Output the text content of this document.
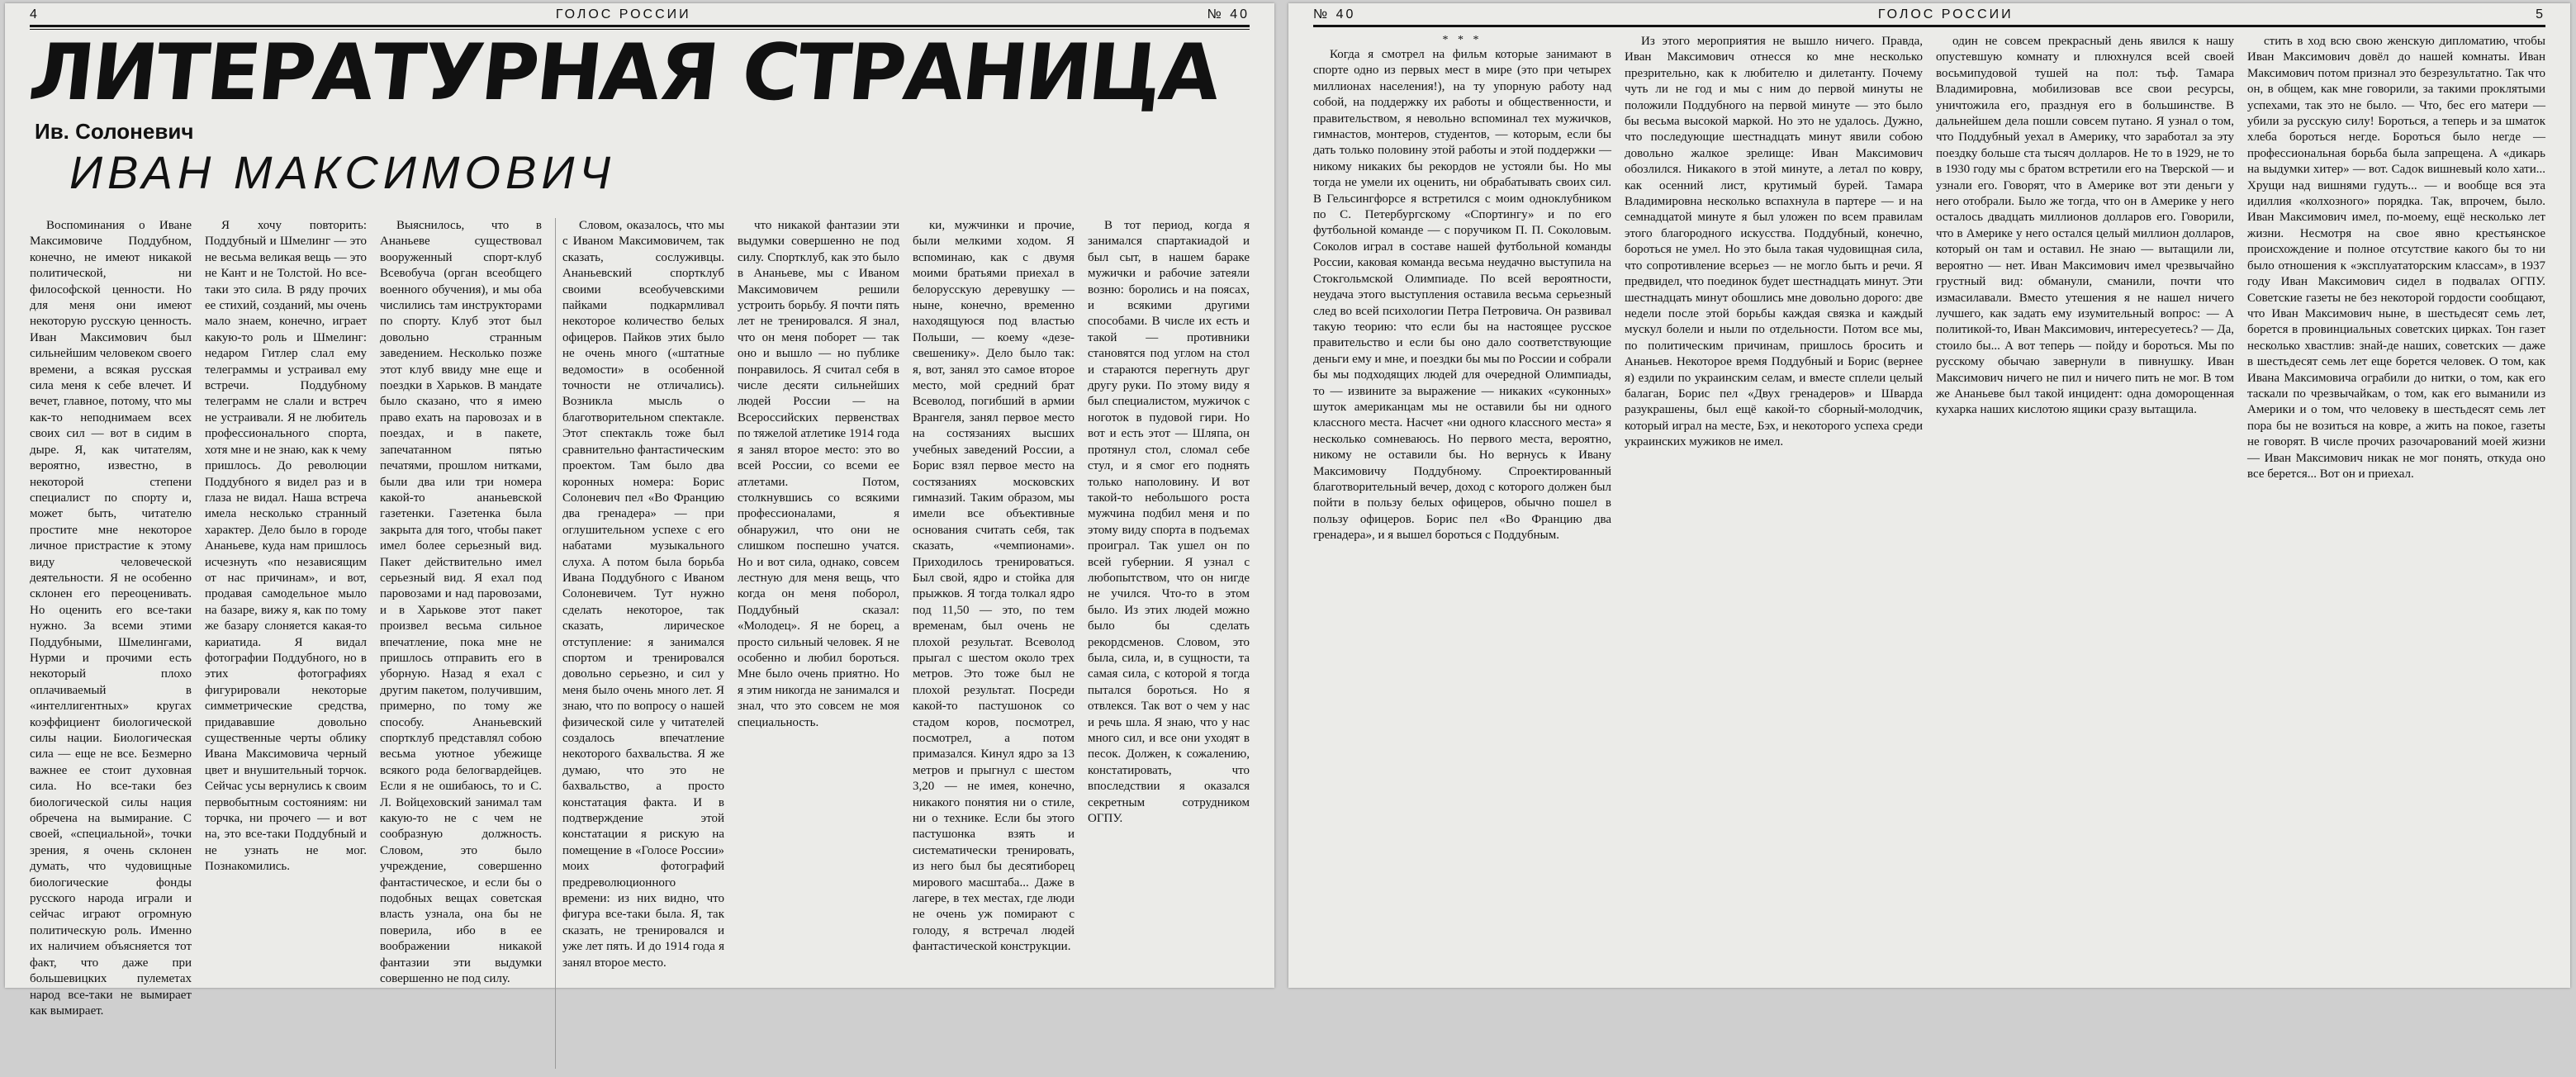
4	ГОЛОС РОССИИ	№ 40
ЛИТЕРАТУРНАЯ СТРАНИЦА
Ив. Солоневич
ИВАН МАКСИМОВИЧ

Воспоминания о Иване Максимовиче Поддубном, конечно, не имеют никакой политической, ни философской ценности. Но для меня они имеют некоторую русскую ценность. Иван Максимович был сильнейшим человеком своего времени, а всякая русская сила меня к себе влечет. И вечет, главное, потому, что мы как-то неподнимаем всех своих сил — вот в сидим в дыре. Я, как читателям, вероятно, известно, в некоторой степени специалист по спорту и, может быть, читателю простите мне некоторое личное пристрастие к этому виду человеческой деятельности. Я не особенно склонен его переоценивать. Но оценить его все-таки нужно. За всеми этими Поддубными, Шмелингами, Нурми и прочими есть некоторый плохо оплачиваемый в «интеллигентных» кругах коэффициент биологической силы нации. Биологическая сила — еще не все. Безмерно важнее ее стоит духовная сила. Но все-таки без биологической силы нация обречена на вымирание. С своей, «специальной», точки зрения, я очень склонен думать, что чудовищные биологические фонды русского народа играли и сейчас играют огромную политическую роль. Именно их наличием объясняется тот факт, что даже при большевицких пулеметах народ все-таки не вымирает как вымирает.

Я хочу повторить: Поддубный и Шмелинг — это не весьма великая вещь — это не Кант и не Толстой. Но все-таки это сила. В ряду прочих ее стихий, созданий, мы очень мало знаем, конечно, играет какую-то роль и Шмелинг: недаром Гитлер слал ему телеграммы и устраивал ему встречи. Поддубному телеграмм не слали и встреч не устраивали. Я не любитель профессионального спорта, хотя мне и не знаю, как к чему пришлось. До революции Поддубного я видел раз и в глаза не видал. Наша встреча имела несколько странный характер. Дело было в городе Ананьеве, куда нам пришлось исчезнуть «по независящим от нас причинам», и вот, продавая самодельное мыло на базаре, вижу я, как по тому же базару слоняется какая-то кариатида. Я видал фотографии Поддубного, но в этих фотографиях фигурировали некоторые симметрические средства, придававшие довольно существенные черты облику Ивана Максимовича черный цвет и внушительный торчок. Сейчас усы вернулись к своим первобытным состояниям: ни торчка, ни прочего — и вот на, это все-таки Поддубный и не узнать не мог. Познакомились.

Выяснилось, что в Ананьеве существовал вооруженный спорт-клуб Всевобуча (орган всеобщего военного обучения), и мы оба числились там инструкторами по спорту. Клуб этот был довольно странным заведением. Несколько позже этот клуб ввиду мне еще и поездки в Харьков. В мандате было сказано, что я имею право ехать на паровозах и в поездах, и в пакете, запечатанном пятью печатями, прошлом нитками, были два или три номера какой-то ананьевской газетенки. Газетенка была закрыта для того, чтобы пакет имел более серьезный вид. Пакет действительно имел серьезный вид. Я ехал под паровозами и над паровозами, и в Харькове этот пакет произвел весьма сильное впечатление, пока мне не пришлось отправить его в уборную. Назад я ехал с другим пакетом, получившим, примерно, по тому же способу. Ананьевский спортклуб представлял собою весьма уютное убежище всякого рода белогвардейцев. Если я не ошибаюсь, то и С. Л. Войцеховский занимал там какую-то не с чем не сообразную должность. Словом, это было учреждение, совершенно фантастическое, и если бы о подобных вещах советская власть узнала, она бы не поверила, ибо в ее воображении никакой фантазии эти выдумки совершенно не под силу.

Словом, оказалось, что мы с Иваном Максимовичем, так сказать, сослуживцы. Ананьевский спортклуб своими всеобучевскими пайками подкармливал некоторое количество белых офицеров. Пайков этих было не очень много («штатные ведомости» в особенной точности не отличались). Возникла мысль о благотворительном спектакле. Этот спектакль тоже был сравнительно фантастическим проектом. Там было два коронных номера: Борис Солоневич пел «Во Францию два гренадера» — при оглушительном успехе с его набатами музыкального слуха. А потом была борьба Ивана Поддубного с Иваном Солоневичем. Тут нужно сделать некоторое, так сказать, лирическое отступление: я занимался спортом и тренировался довольно серьезно, и сил у меня было очень много лет. Я знаю, что по вопросу о нашей физической силе у читателей создалось впечатление некоторого бахвальства. Я же думаю, что это не бахвальство, а просто констатация факта. И в подтверждение этой констатации я рискую на помещение в «Голосе России» моих фотографий предреволюционного времени: из них видно, что фигура все-таки была. Я, так сказать, не тренировался и уже лет пять. И до 1914 года я занял второе место.

что никакой фантазии эти выдумки совершенно не под силу. Спортклуб, как это было в Ананьеве, мы с Иваном Максимовичем решили устроить борьбу. Я почти пять лет не тренировался. Я знал, что он меня поборет — так оно и вышло — но публике понравилось. Я считал себя в числе десяти сильнейших людей России — на Всероссийских первенствах по тяжелой атлетике 1914 года я занял второе место: это во всей России, со всеми ее атлетами. Потом, столкнувшись со всякими профессионалами, я обнаружил, что они не слишком поспешно учатся. Но и вот сила, однако, совсем лестную для меня вещь, что когда он меня поборол, Поддубный сказал: «Молодец». Я не борец, а просто сильный человек. Я не особенно и любил бороться. Мне было очень приятно. Но я этим никогда не занимался и знал, что это совсем не моя специальность.

ки, мужчинки и прочие, были мелкими ходом. Я вспоминаю, как с двумя моими братьями приехал в белорусскую деревушку — ныне, конечно, временно находящуюся под властью Польши, — коему «дезе-свешенику». Дело было так: я, вот, занял это самое второе место, мой средний брат Всеволод, погибший в армии Врангеля, занял первое место на состязаниях высших учебных заведений России, а Борис взял первое место на состязаниях московских гимназий. Таким образом, мы имели все объективные основания считать себя, так сказать, «чемпионами». Приходилось тренироваться. Был свой, ядро и стойка для прыжков. Я тогда толкал ядро под 11,50 — это, по тем временам, был очень не плохой результат. Всеволод прыгал с шестом около трех метров. Это тоже был не плохой результат. Посреди какой-то пастушонок со стадом коров, посмотрел, посмотрел, а потом примазался. Кинул ядро за 13 метров и прыгнул с шестом 3,20 — не имея, конечно, никакого понятия ни о стиле, ни о технике. Если бы этого пастушонка взять и систематически тренировать, из него был бы десятиборец мирового масштаба... Даже в лагере, в тех местах, где люди не очень уж помирают с голоду, я встречал людей фантастической конструкции.

В тот период, когда я занимался спартакиадой и был сыт, в нашем бараке мужички и рабочие затеяли возню: боролись и на поясах, и всякими другими способами. В числе их есть и такой — противники становятся под углом на стол и стараются перегнуть друг другу руки. По этому виду я был специалистом, мужичок с ноготок в пудовой гири. Но вот и есть этот — Шляпа, он протянул стол, сломал себе стул, и я смог его поднять только наполовину. И вот такой-то небольшого роста мужчина подбил меня и по этому виду спорта в подъемах проиграл. Так ушел он по всей губернии. Я узнал с любопытством, что он нигде не учился. Что-то в этом было. Из этих людей можно было бы сделать рекордсменов. Словом, это была, сила, и, в сущности, та самая сила, с которой я тогда пытался бороться. Но я отвлекся. Так вот о чем у нас и речь шла. Я знаю, что у нас много сил, и все они уходят в песок. Должен, к сожалению, констатировать, что впоследствии я оказался секретным сотрудником ОГПУ.

№ 40	ГОЛОС РОССИИ	5
* * *

Когда я смотрел на фильм которые занимают в спорте одно из первых мест в мире (это при четырех миллионах населения!), на ту упорную работу над собой, на поддержку их работы и общественности, и правительством, я невольно вспоминал тех мужичков, гимнастов, монтеров, студентов, — которым, если бы дать только половину этой работы и этой поддержки — никому никаких бы рекордов не устояли бы. Но мы тогда не умели их оценить, ни обрабатывать своих сил. В Гельсингфорсе я встретился с моим одноклубником по С. Петербургскому «Спортингу» и по его футбольной команде — с поручиком П. П. Соколовым. Соколов играл в составе нашей футбольной команды России, каковая команда весьма неудачно выступила на Стокгольмской Олимпиаде. По всей вероятности, неудача этого выступления оставила весьма серьезный след во всей психологии Петра Петровича. Он развивал такую теорию: что если бы на настоящее русское правительство и если бы оно дало соответствующие деньги ему и мне, и поездки бы мы по России и собрали бы мы подходящих людей для очередной Олимпиады, то — извините за выражение — никаких «суконных» шуток американцам мы не оставили бы ни одного классного места. Насчет «ни одного классного места» я несколько сомневаюсь. Но первого места, вероятно, никому не оставили бы. Но вернусь к Ивану Максимовичу Поддубному. Спроектированный благотворительный вечер, доход с которого должен был пойти в пользу белых офицеров, обычно пошел в пользу офицеров. Борис пел «Во Францию два гренадера», и я вышел бороться с Поддубным.

Из этого мероприятия не вышло ничего. Правда, Иван Максимович отнесся ко мне несколько презрительно, как к любителю и дилетанту. Почему чуть ли не год и мы с ним до первой минуты не положили Поддубного на первой минуте — это было бы весьма высокой маркой. Но это не удалось. Дужно, что последующие шестнадцать минут явили собою довольно жалкое зрелище: Иван Максимович обозлился. Никакого в этой минуте, а летал по ковру, как осенний лист, крутимый бурей. Тамара Владимировна несколько вспахнула в партере — и на семнадцатой минуте я был уложен по всем правилам этого благородного искусства. Поддубный, конечно, бороться не умел. Но это была такая чудовищная сила, что сопротивление всерьез — не могло быть и речи. Я предвидел, что поединок будет шестнадцать минут. Эти шестнадцать минут обошлись мне довольно дорого: две недели после этой борьбы каждая связка и каждый мускул болели и ныли по отдельности. Потом все мы, по политическим причинам, пришлось бросить и Ананьев. Некоторое время Поддубный и Борис (вернее я) ездили по украинским селам, и вместе сплели целый балаган, Борис пел «Двух гренадеров» и Шварда разукрашены, был ещё какой-то сборный-молодчик, который играл на месте, Бэх, и некоторого успеха среди украинских мужиков не имел.

один не совсем прекрасный день явился к нашу опустевшую комнату и плюхнулся всей своей восьмипудовой тушей на пол: тьф. Тамара Владимировна, мобилизовав все свои ресурсы, уничтожила его, празднуя его в большинстве. В дальнейшем дела пошли совсем путано. Я узнал о том, что Поддубный уехал в Америку, что заработал за эту поездку больше ста тысяч долларов. Не то в 1929, не то в 1930 году мы с братом встретили его на Тверской — и узнали его. Говорят, что в Америке вот эти деньги у него отобрали. Было же тогда, что он в Америке у него осталось двадцать миллионов долларов его. Говорили, что в Америке у него остался целый миллион долларов, который он там и оставил. Не знаю — вытащили ли, вероятно — нет. Иван Максимович имел чрезвычайно грустный вид: обманули, сманили, почти что измасилавали. Вместо утешения я не нашел ничего лучшего, как задать ему изумительный вопрос: — А политикой-то, Иван Максимович, интересуетесь? — Да, стоило бы... А вот теперь — пойду и бороться. Мы по русскому обычаю завернули в пивнушку. Иван Максимович ничего не пил и ничего пить не мог. В том же Ананьеве был такой инцидент: одна доморощенная кухарка наших кислотою ящики сразу вытащила.

стить в ход всю свою женскую дипломатию, чтобы Иван Максимович довёл до нашей комнаты. Иван Максимович потом признал это безрезультатно. Так что он, в общем, как мне говорили, за такими проклятыми успехами, так это не было. — Что, бес его матери — убили за русскую силу! Бороться, а теперь и за шматок хлеба бороться негде. Бороться было негде — профессиональная борьба была запрещена. А «дикарь на выдумки хитер» — вот. Садок вишневый коло хати... Хрущи над вишнями гудуть... — и вообще вся эта идиллия «колхозного» порядка. Так, впрочем, было. Иван Максимович имел, по-моему, ещё несколько лет жизни. Несмотря на свое явно крестьянское происхождение и полное отсутствие какого бы то ни было отношения к «эксплуататорским классам», в 1937 году Иван Максимович сидел в подвалах ОГПУ. Советские газеты не без некоторой гордости сообщают, что Иван Максимович ныне, в шестьдесят семь лет, борется в провинциальных советских цирках. Тон газет несколько хвастлив: знай-де наших, советских — даже в шестьдесят семь лет еще борется человек. О том, как Ивана Максимовича ограбили до нитки, о том, как его таскали по чрезвычайкам, о том, как его выманили из Америки и о том, что человеку в шестьдесят семь лет пора бы не возиться на ковре, а жить на покое, газеты не говорят. В числе прочих разочарований моей жизни — Иван Максимович никак не мог понять, откуда оно все берется... Вот он и приехал.
